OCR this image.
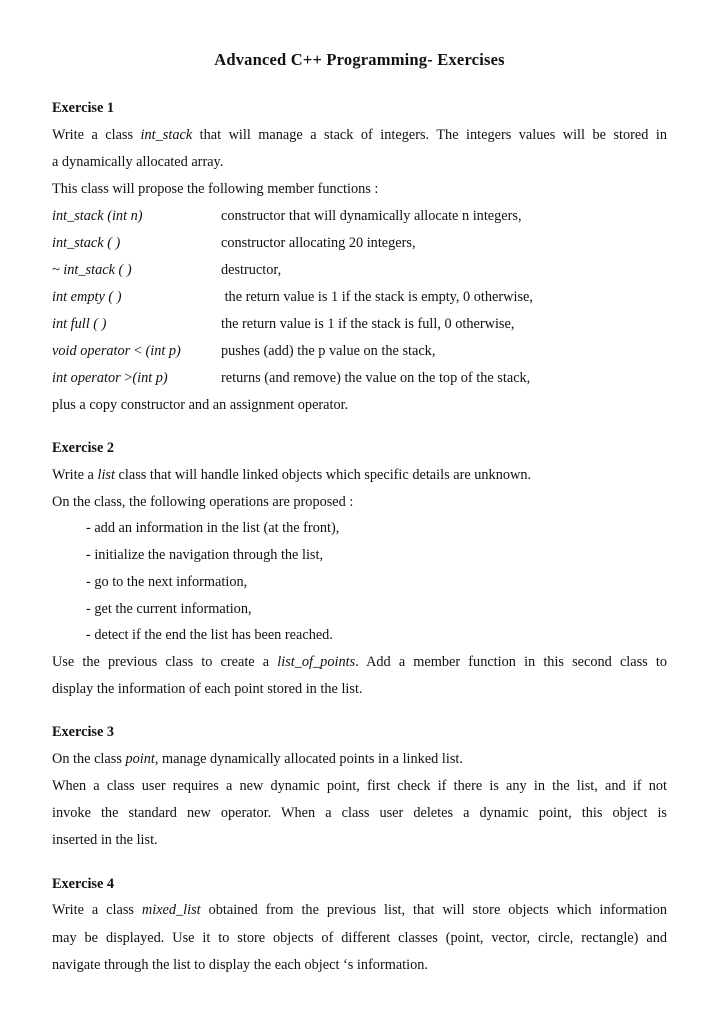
Advanced C++ Programming- Exercises
Exercise 1
Write a class int_stack that will manage a stack of integers. The integers values will be stored in
a dynamically allocated array.
This class will propose the following member functions :
int_stack (int n)	constructor that will dynamically allocate n integers,
int_stack ( )	constructor allocating 20 integers,
~ int_stack ( )	destructor,
int empty ( )	the return value is 1 if the stack is empty, 0 otherwise,
int full ( )	the return value is 1 if the stack is full, 0 otherwise,
void operator < (int p)	pushes (add) the p value on the stack,
int operator >(int p)	returns (and remove) the value on the top of the stack,
plus a copy constructor and an assignment operator.
Exercise 2
Write a list class that will handle linked objects which specific details are unknown.
On the class, the following operations are proposed :
- add an information in the list (at the front),
- initialize the navigation through the list,
- go to the next information,
- get the current information,
- detect if the end the list has been reached.
Use the previous class to create a list_of_points. Add a member function in this second class to
display the information of each point stored in the list.
Exercise 3
On the class point, manage dynamically allocated points in a linked list.
When a class user requires a new dynamic point, first check if there is any in the list, and if not
invoke the standard new operator. When a class user deletes a dynamic point, this object is
inserted in the list.
Exercise 4
Write a class mixed_list obtained from the previous list, that will store objects which information
may be displayed. Use it to store objects of different classes (point, vector, circle, rectangle) and
navigate through the list to display the each object ‘s information.
